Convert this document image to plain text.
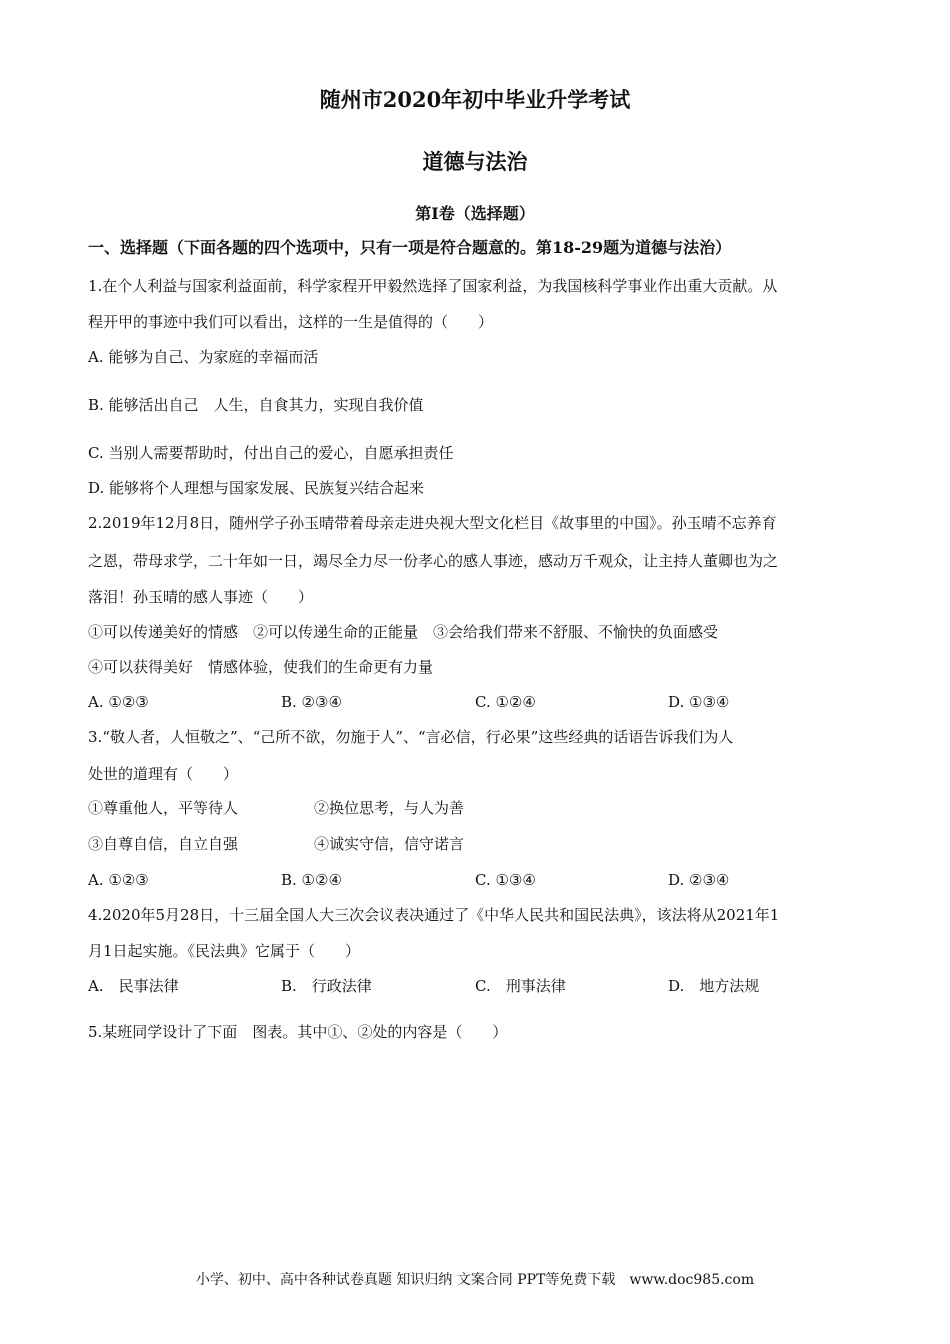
随州市2020年初中毕业升学考试
道德与法治
第Ⅰ卷（选择题）
一、选择题（下面各题的四个选项中，只有一项是符合题意的。第18-29题为道德与法治）
1.在个人利益与国家利益面前，科学家程开甲毅然选择了国家利益，为我国核科学事业作出重大贡献。从
程开甲的事迹中我们可以看出，这样的一生是值得的（　　）
A. 能够为自己、为家庭的幸福而活
B. 能够活出自己　人生，自食其力，实现自我价值
C. 当别人需要帮助时，付出自己的爱心，自愿承担责任
D. 能够将个人理想与国家发展、民族复兴结合起来
2.2019年12月8日，随州学子孙玉晴带着母亲走进央视大型文化栏目《故事里的中国》。孙玉晴不忘养育
之恩，带母求学，二十年如一日，竭尽全力尽一份孝心的感人事迹，感动万千观众，让主持人董卿也为之
落泪！孙玉晴的感人事迹（　　）
①可以传递美好的情感　②可以传递生命的正能量　③会给我们带来不舒服、不愉快的负面感受
④可以获得美好　情感体验，使我们的生命更有力量
A. ①②③	B. ②③④	C. ①②④	D. ①③④
3.“敬人者，人恒敬之”、“己所不欲，勿施于人”、“言必信，行必果”这些经典的话语告诉我们为人
处世的道理有（　　）
①尊重他人，平等待人	②换位思考，与人为善
③自尊自信，自立自强	④诚实守信，信守诺言
A. ①②③	B. ①②④	C. ①③④	D. ②③④
4.2020年5月28日，十三届全国人大三次会议表决通过了《中华人民共和国民法典》，该法将从2021年1
月1日起实施。《民法典》它属于（　　）
A.　民事法律	B.　行政法律	C.　刑事法律	D.　地方法规
5.某班同学设计了下面　图表。其中①、②处的内容是（　　）
小学、初中、高中各种试卷真题 知识归纳 文案合同 PPT等免费下载　www.doc985.com
